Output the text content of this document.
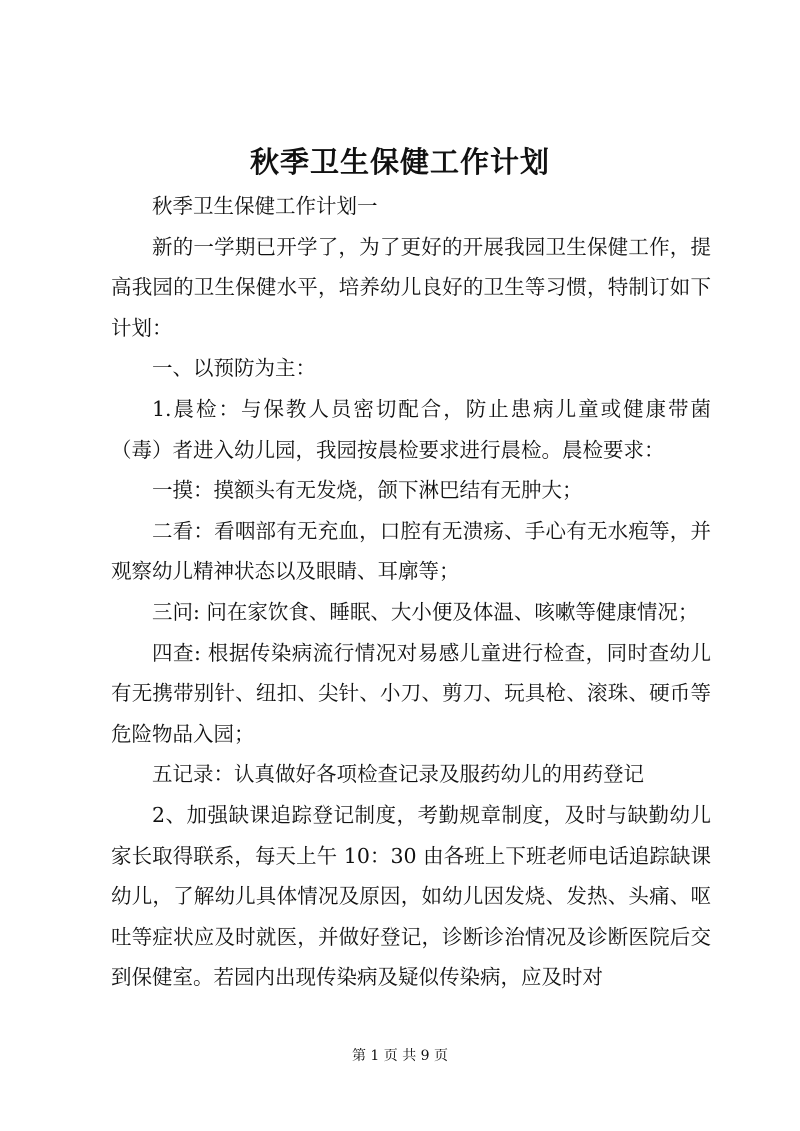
秋季卫生保健工作计划

秋季卫生保健工作计划一

新的一学期已开学了，为了更好的开展我园卫生保健工作，提高我园的卫生保健水平，培养幼儿良好的卫生等习惯，特制订如下计划：

一、以预防为主：

1.晨检：与保教人员密切配合，防止患病儿童或健康带菌（毒）者进入幼儿园，我园按晨检要求进行晨检。晨检要求：

一摸：摸额头有无发烧，颌下淋巴结有无肿大；

二看：看咽部有无充血，口腔有无溃疡、手心有无水疱等，并观察幼儿精神状态以及眼睛、耳廓等；

三问: 问在家饮食、睡眠、大小便及体温、咳嗽等健康情况；

四查: 根据传染病流行情况对易感儿童进行检查，同时查幼儿有无携带别针、纽扣、尖针、小刀、剪刀、玩具枪、滚珠、硬币等危险物品入园；

五记录：认真做好各项检查记录及服药幼儿的用药登记

2、加强缺课追踪登记制度，考勤规章制度，及时与缺勤幼儿家长取得联系，每天上午 10：30 由各班上下班老师电话追踪缺课幼儿，了解幼儿具体情况及原因，如幼儿因发烧、发热、头痛、呕吐等症状应及时就医，并做好登记，诊断诊治情况及诊断医院后交到保健室。若园内出现传染病及疑似传染病，应及时对

第 1 页 共 9 页
